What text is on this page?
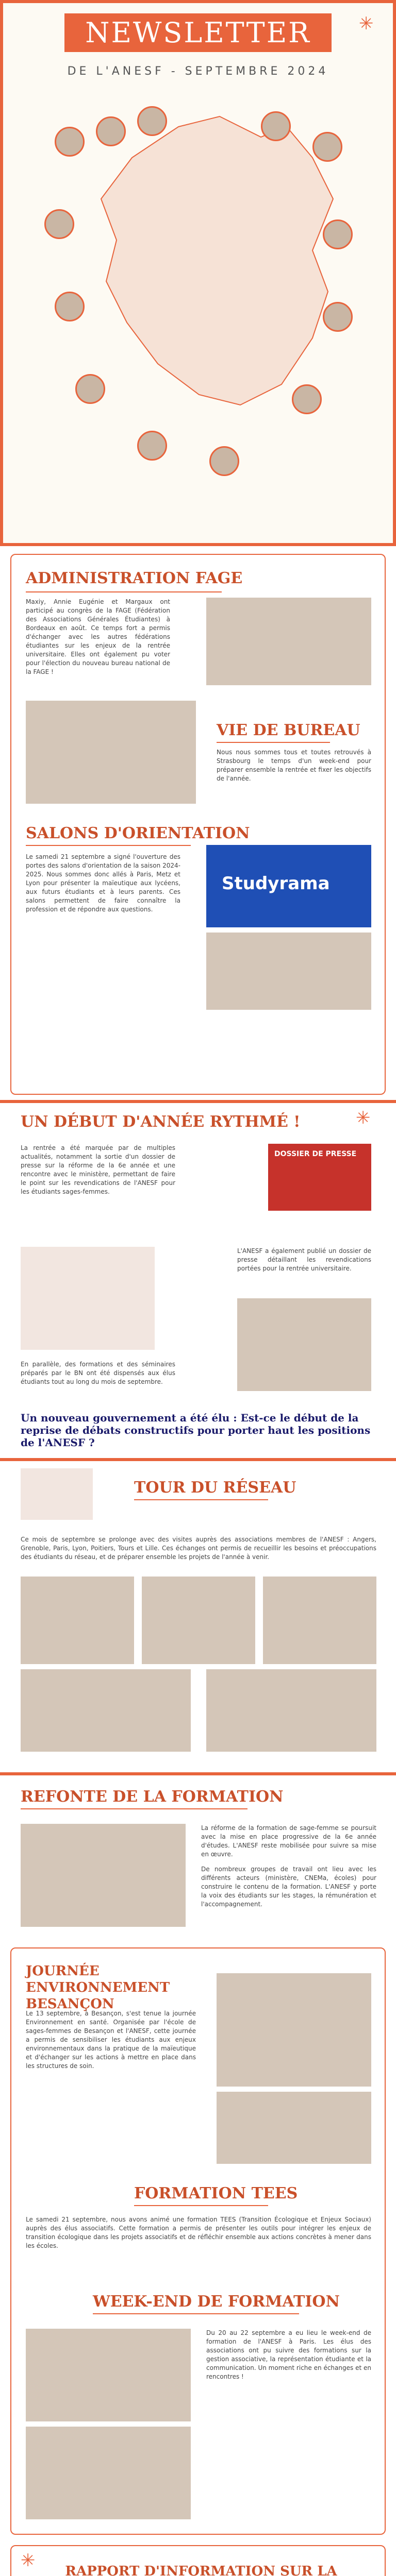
NEWSLETTER
DE L'ANESF - SEPTEMBRE 2024
✳
ADMINISTRATION FAGE
Maxiy, Annie Eugénie et Margaux ont participé au congrès de la FAGE (Fédération des Associations Générales Étudiantes) à Bordeaux en août. Ce temps fort a permis d'échanger avec les autres fédérations étudiantes sur les enjeux de la rentrée universitaire. Elles ont également pu voter pour l'élection du nouveau bureau national de la FAGE !
VIE DE BUREAU
Nous nous sommes tous et toutes retrouvés à Strasbourg le temps d'un week-end pour préparer ensemble la rentrée et fixer les objectifs de l'année.
SALONS D'ORIENTATION
Le samedi 21 septembre a signé l'ouverture des portes des salons d'orientation de la saison 2024-2025. Nous sommes donc allés à Paris, Metz et Lyon pour présenter la maïeutique aux lycéens, aux futurs étudiants et à leurs parents. Ces salons permettent de faire connaître la profession et de répondre aux questions.
Studyrama
UN DÉBUT D'ANNÉE RYTHMÉ !	✳
La rentrée a été marquée par de multiples actualités, notamment la sortie d'un dossier de presse sur la réforme de la 6e année et une rencontre avec le ministère, permettant de faire le point sur les revendications de l'ANESF pour les étudiants sages-femmes.
DOSSIER DE PRESSE
L'ANESF a également publié un dossier de presse détaillant les revendications portées pour la rentrée universitaire.
En parallèle, des formations et des séminaires préparés par le BN ont été dispensés aux élus étudiants tout au long du mois de septembre.
Un nouveau gouvernement a été élu : Est-ce le début de la reprise de débats constructifs pour porter haut les positions de l'ANESF ?
TOUR DU RÉSEAU
Ce mois de septembre se prolonge avec des visites auprès des associations membres de l'ANESF : Angers, Grenoble, Paris, Lyon, Poitiers, Tours et Lille. Ces échanges ont permis de recueillir les besoins et préoccupations des étudiants du réseau, et de préparer ensemble les projets de l'année à venir.
REFONTE DE LA FORMATION
La réforme de la formation de sage-femme se poursuit avec la mise en place progressive de la 6e année d'études. L'ANESF reste mobilisée pour suivre sa mise en œuvre.
De nombreux groupes de travail ont lieu avec les différents acteurs (ministère, CNEMa, écoles) pour construire le contenu de la formation. L'ANESF y porte la voix des étudiants sur les stages, la rémunération et l'accompagnement.
JOURNÉE ENVIRONNEMENT BESANÇON
Le 13 septembre, à Besançon, s'est tenue la journée Environnement en santé. Organisée par l'école de sages-femmes de Besançon et l'ANESF, cette journée a permis de sensibiliser les étudiants aux enjeux environnementaux dans la pratique de la maïeutique et d'échanger sur les actions à mettre en place dans les structures de soin.
FORMATION TEES
Le samedi 21 septembre, nous avons animé une formation TEES (Transition Écologique et Enjeux Sociaux) auprès des élus associatifs. Cette formation a permis de présenter les outils pour intégrer les enjeux de transition écologique dans les projets associatifs et de réfléchir ensemble aux actions concrètes à mener dans les écoles.
WEEK-END DE FORMATION
Du 20 au 22 septembre a eu lieu le week-end de formation de l'ANESF à Paris. Les élus des associations ont pu suivre des formations sur la gestion associative, la représentation étudiante et la communication. Un moment riche en échanges et en rencontres !
✳
RAPPORT D'INFORMATION SUR LA
